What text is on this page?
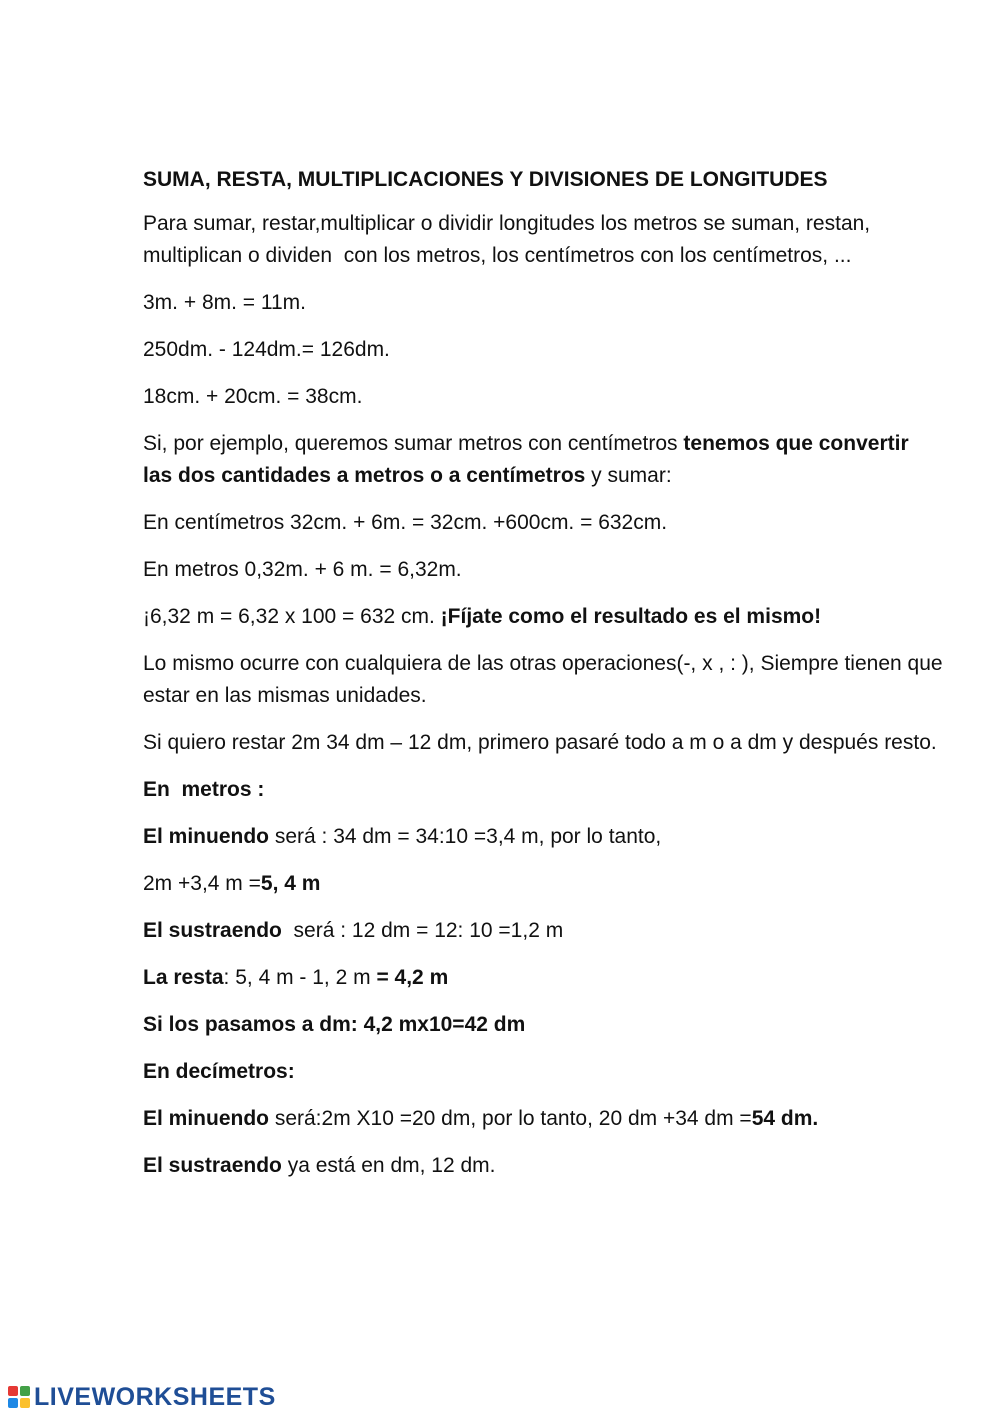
SUMA, RESTA, MULTIPLICACIONES Y DIVISIONES DE LONGITUDES
Para sumar, restar,multiplicar o dividir longitudes los metros se suman, restan, multiplican o dividen  con los metros, los centímetros con los centímetros, ...
3m. + 8m. = 11m.
250dm. - 124dm.= 126dm.
18cm. + 20cm. = 38cm.
Si, por ejemplo, queremos sumar metros con centímetros tenemos que convertir las dos cantidades a metros o a centímetros y sumar:
En centímetros 32cm. + 6m. = 32cm. +600cm. = 632cm.
En metros 0,32m. + 6 m. = 6,32m.
¡6,32 m = 6,32 x 100 = 632 cm. ¡Fíjate como el resultado es el mismo!
Lo mismo ocurre con cualquiera de las otras operaciones(-, x , : ), Siempre tienen que estar en las mismas unidades.
Si quiero restar 2m 34 dm – 12 dm, primero pasaré todo a m o a dm y después resto.
En  metros :
El minuendo será : 34 dm = 34:10 =3,4 m, por lo tanto,
2m +3,4 m =5, 4 m
El sustraendo  será : 12 dm = 12: 10 =1,2 m
La resta: 5, 4 m - 1, 2 m = 4,2 m
Si los pasamos a dm: 4,2 mx10=42 dm
En decímetros:
El minuendo será:2m X10 =20 dm, por lo tanto, 20 dm +34 dm =54 dm.
El sustraendo ya está en dm, 12 dm.
LIVEWORKSHEETS
